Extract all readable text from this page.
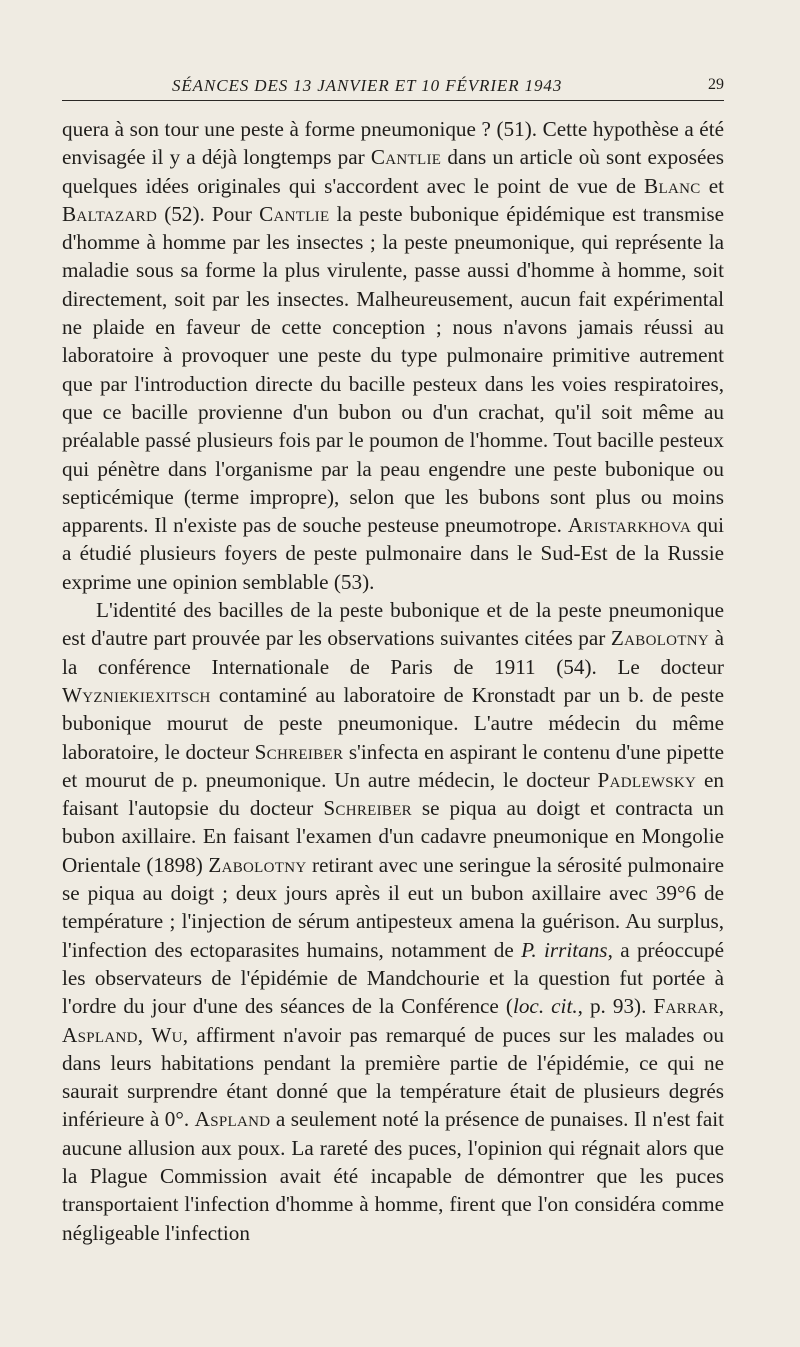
SÉANCES DES 13 JANVIER ET 10 FÉVRIER 1943	29

quera à son tour une peste à forme pneumonique ? (51). Cette hypothèse a été envisagée il y a déjà longtemps par Cantlie dans un article où sont exposées quelques idées originales qui s'accordent avec le point de vue de Blanc et Baltazard (52). Pour Cantlie la peste bubonique épidémique est transmise d'homme à homme par les insectes ; la peste pneumonique, qui représente la maladie sous sa forme la plus virulente, passe aussi d'homme à homme, soit directement, soit par les insectes. Malheureusement, aucun fait expérimental ne plaide en faveur de cette conception ; nous n'avons jamais réussi au laboratoire à provoquer une peste du type pulmonaire primitive autrement que par l'introduction directe du bacille pesteux dans les voies respiratoires, que ce bacille provienne d'un bubon ou d'un crachat, qu'il soit même au préalable passé plusieurs fois par le poumon de l'homme. Tout bacille pesteux qui pénètre dans l'organisme par la peau engendre une peste bubonique ou septicémique (terme impropre), selon que les bubons sont plus ou moins apparents. Il n'existe pas de souche pesteuse pneumotrope. Aristarkhova qui a étudié plusieurs foyers de peste pulmonaire dans le Sud-Est de la Russie exprime une opinion semblable (53).

L'identité des bacilles de la peste bubonique et de la peste pneumonique est d'autre part prouvée par les observations suivantes citées par Zabolotny à la conférence Internationale de Paris de 1911 (54). Le docteur Wyzniekiexitsch contaminé au laboratoire de Kronstadt par un b. de peste bubonique mourut de peste pneumonique. L'autre médecin du même laboratoire, le docteur Schreiber s'infecta en aspirant le contenu d'une pipette et mourut de p. pneumonique. Un autre médecin, le docteur Padlewsky en faisant l'autopsie du docteur Schreiber se piqua au doigt et contracta un bubon axillaire. En faisant l'examen d'un cadavre pneumonique en Mongolie Orientale (1898) Zabolotny retirant avec une seringue la sérosité pulmonaire se piqua au doigt ; deux jours après il eut un bubon axillaire avec 39°6 de température ; l'injection de sérum antipesteux amena la guérison. Au surplus, l'infection des ectoparasites humains, notamment de P. irritans, a préoccupé les observateurs de l'épidémie de Mandchourie et la question fut portée à l'ordre du jour d'une des séances de la Conférence (loc. cit., p. 93). Farrar, Aspland, Wu, affirment n'avoir pas remarqué de puces sur les malades ou dans leurs habitations pendant la première partie de l'épidémie, ce qui ne saurait surprendre étant donné que la température était de plusieurs degrés inférieure à 0°. Aspland a seulement noté la présence de punaises. Il n'est fait aucune allusion aux poux. La rareté des puces, l'opinion qui régnait alors que la Plague Commission avait été incapable de démontrer que les puces transportaient l'infection d'homme à homme, firent que l'on considéra comme négligeable l'infection
